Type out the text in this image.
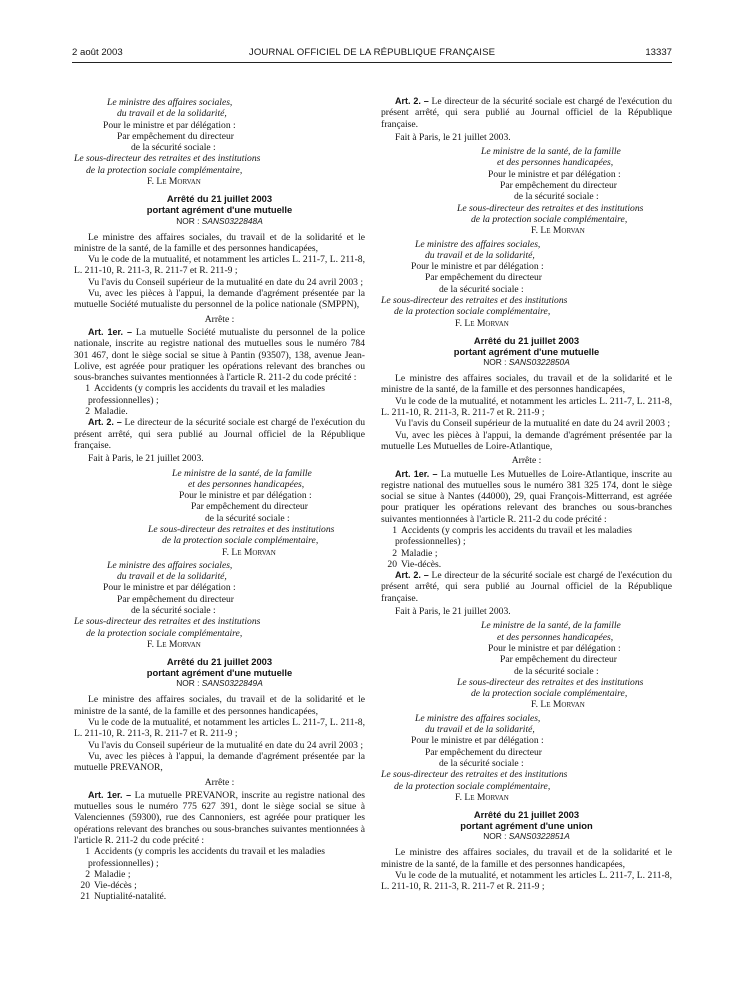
2 août 2003	JOURNAL OFFICIEL DE LA RÉPUBLIQUE FRANÇAISE	13337
Le ministre des affaires sociales,
du travail et de la solidarité,
Pour le ministre et par délégation :
Par empêchement du directeur
de la sécurité sociale :
Le sous-directeur des retraites et des institutions
de la protection sociale complémentaire,
F. Le Morvan
Arrêté du 21 juillet 2003
portant agrément d'une mutuelle
NOR : SANS0322848A

Le ministre des affaires sociales, du travail et de la solidarité et le ministre de la santé, de la famille et des personnes handicapées,

Vu le code de la mutualité, et notamment les articles L. 211-7, L. 211-8, L. 211-10, R. 211-3, R. 211-7 et R. 211-9 ;

Vu l'avis du Conseil supérieur de la mutualité en date du 24 avril 2003 ;

Vu, avec les pièces à l'appui, la demande d'agrément présentée par la mutuelle Société mutualiste du personnel de la police nationale (SMPPN),

Arrête :

Art. 1er. – La mutuelle Société mutualiste du personnel de la police nationale, inscrite au registre national des mutuelles sous le numéro 784 301 467, dont le siège social se situe à Pantin (93507), 138, avenue Jean-Lolive, est agréée pour pratiquer les opérations relevant des branches ou sous-branches suivantes mentionnées à l'article R. 211-2 du code précité :

1 Accidents (y compris les accidents du travail et les maladies professionnelles) ;

2 Maladie.

Art. 2. – Le directeur de la sécurité sociale est chargé de l'exécution du présent arrêté, qui sera publié au Journal officiel de la République française.

Fait à Paris, le 21 juillet 2003.

Le ministre de la santé, de la famille
et des personnes handicapées,
Pour le ministre et par délégation :
Par empêchement du directeur
de la sécurité sociale :
Le sous-directeur des retraites et des institutions
de la protection sociale complémentaire,
F. Le Morvan
Le ministre des affaires sociales,
du travail et de la solidarité,
Pour le ministre et par délégation :
Par empêchement du directeur
de la sécurité sociale :
Le sous-directeur des retraites et des institutions
de la protection sociale complémentaire,
F. Le Morvan
Arrêté du 21 juillet 2003
portant agrément d'une mutuelle
NOR : SANS0322849A

Le ministre des affaires sociales, du travail et de la solidarité et le ministre de la santé, de la famille et des personnes handicapées,

Vu le code de la mutualité, et notamment les articles L. 211-7, L. 211-8, L. 211-10, R. 211-3, R. 211-7 et R. 211-9 ;

Vu l'avis du Conseil supérieur de la mutualité en date du 24 avril 2003 ;

Vu, avec les pièces à l'appui, la demande d'agrément présentée par la mutuelle PREVANOR,

Arrête :

Art. 1er. – La mutuelle PREVANOR, inscrite au registre national des mutuelles sous le numéro 775 627 391, dont le siège social se situe à Valenciennes (59300), rue des Cannoniers, est agréée pour pratiquer les opérations relevant des branches ou sous-branches suivantes mentionnées à l'article R. 211-2 du code précité :

1 Accidents (y compris les accidents du travail et les maladies professionnelles) ;

2 Maladie ;

20 Vie-décès ;

21 Nuptialité-natalité.

Art. 2. – Le directeur de la sécurité sociale est chargé de l'exécution du présent arrêté, qui sera publié au Journal officiel de la République française.

Fait à Paris, le 21 juillet 2003.

Le ministre de la santé, de la famille
et des personnes handicapées,
Pour le ministre et par délégation :
Par empêchement du directeur
de la sécurité sociale :
Le sous-directeur des retraites et des institutions
de la protection sociale complémentaire,
F. Le Morvan
Le ministre des affaires sociales,
du travail et de la solidarité,
Pour le ministre et par délégation :
Par empêchement du directeur
de la sécurité sociale :
Le sous-directeur des retraites et des institutions
de la protection sociale complémentaire,
F. Le Morvan
Arrêté du 21 juillet 2003
portant agrément d'une mutuelle
NOR : SANS0322850A

Le ministre des affaires sociales, du travail et de la solidarité et le ministre de la santé, de la famille et des personnes handicapées,

Vu le code de la mutualité, et notamment les articles L. 211-7, L. 211-8, L. 211-10, R. 211-3, R. 211-7 et R. 211-9 ;

Vu l'avis du Conseil supérieur de la mutualité en date du 24 avril 2003 ;

Vu, avec les pièces à l'appui, la demande d'agrément présentée par la mutuelle Les Mutuelles de Loire-Atlantique,

Arrête :

Art. 1er. – La mutuelle Les Mutuelles de Loire-Atlantique, inscrite au registre national des mutuelles sous le numéro 381 325 174, dont le siège social se situe à Nantes (44000), 29, quai François-Mitterrand, est agréée pour pratiquer les opérations relevant des branches ou sous-branches suivantes mentionnées à l'article R. 211-2 du code précité :

1 Accidents (y compris les accidents du travail et les maladies professionnelles) ;

2 Maladie ;

20 Vie-décès.

Art. 2. – Le directeur de la sécurité sociale est chargé de l'exécution du présent arrêté, qui sera publié au Journal officiel de la République française.

Fait à Paris, le 21 juillet 2003.

Le ministre de la santé, de la famille
et des personnes handicapées,
Pour le ministre et par délégation :
Par empêchement du directeur
de la sécurité sociale :
Le sous-directeur des retraites et des institutions
de la protection sociale complémentaire,
F. Le Morvan
Le ministre des affaires sociales,
du travail et de la solidarité,
Pour le ministre et par délégation :
Par empêchement du directeur
de la sécurité sociale :
Le sous-directeur des retraites et des institutions
de la protection sociale complémentaire,
F. Le Morvan
Arrêté du 21 juillet 2003
portant agrément d'une union
NOR : SANS0322851A

Le ministre des affaires sociales, du travail et de la solidarité et le ministre de la santé, de la famille et des personnes handicapées,

Vu le code de la mutualité, et notamment les articles L. 211-7, L. 211-8, L. 211-10, R. 211-3, R. 211-7 et R. 211-9 ;
